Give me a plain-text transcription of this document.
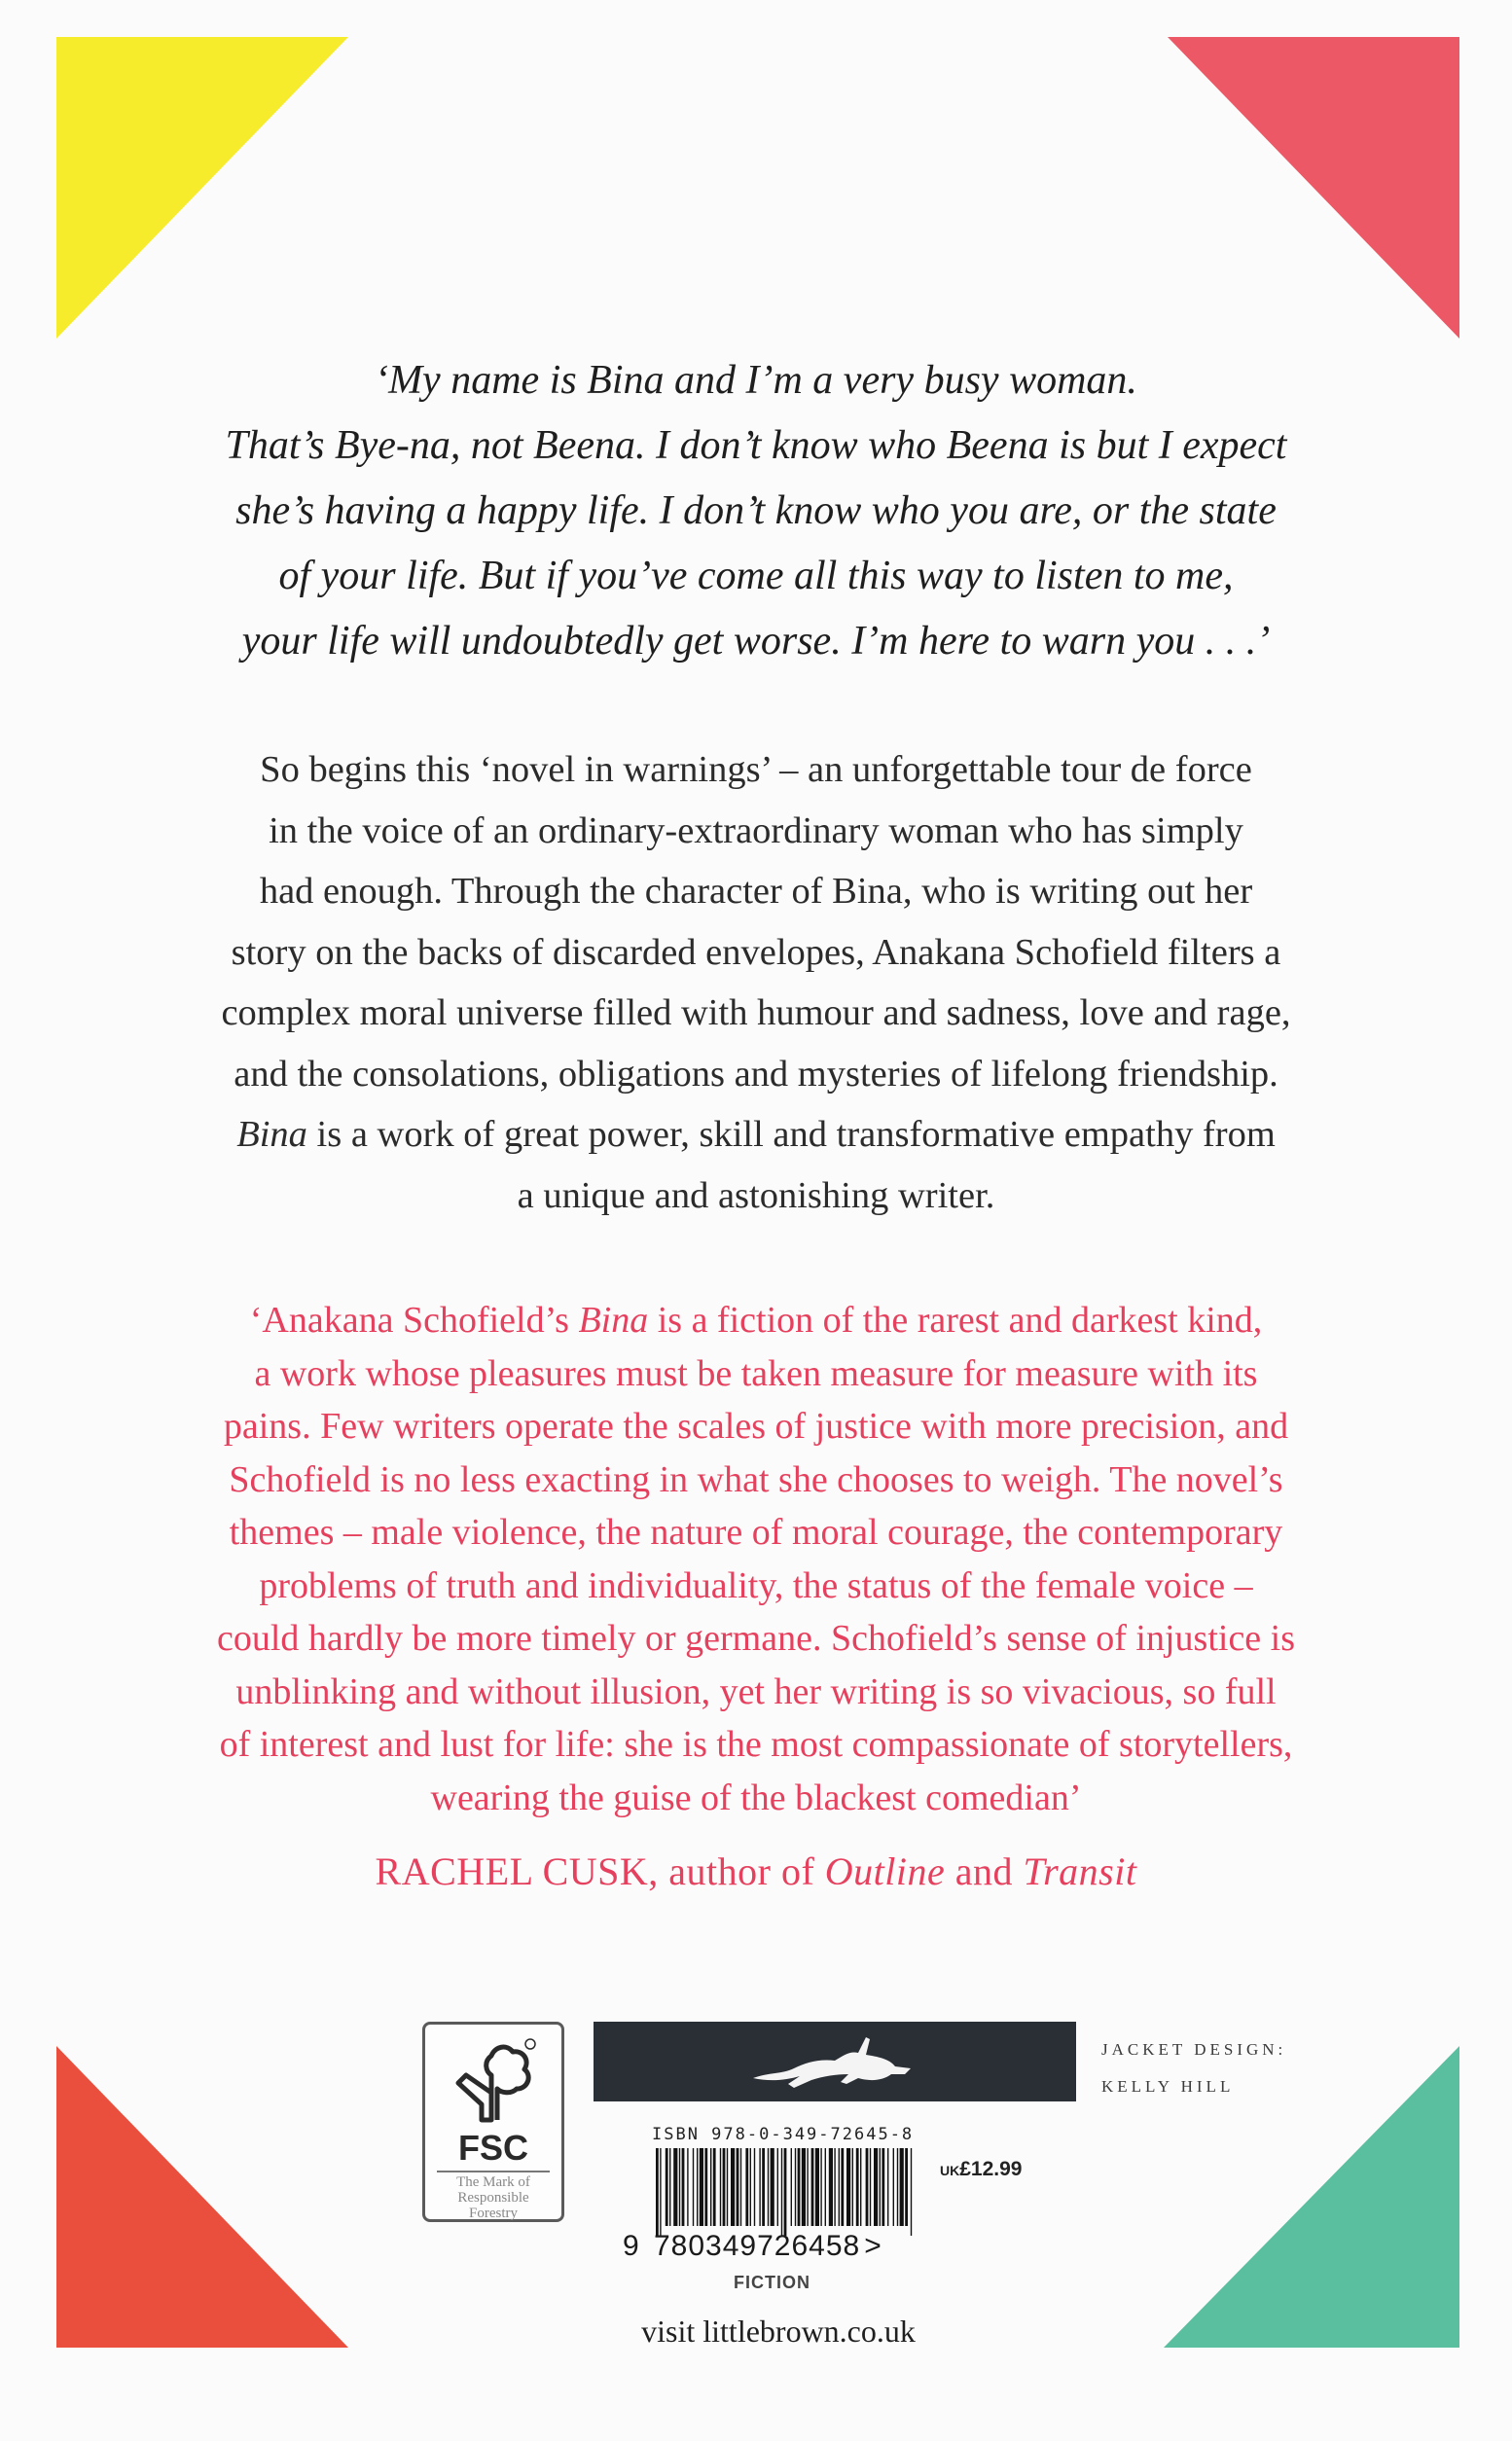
‘My name is Bina and I’m a very busy woman.
That’s Bye-na, not Beena. I don’t know who Beena is but I expect
she’s having a happy life. I don’t know who you are, or the state
of your life. But if you’ve come all this way to listen to me,
your life will undoubtedly get worse. I’m here to warn you . . .’
So begins this ‘novel in warnings’ – an unforgettable tour de force
in the voice of an ordinary-extraordinary woman who has simply
had enough. Through the character of Bina, who is writing out her
story on the backs of discarded envelopes, Anakana Schofield filters a
complex moral universe filled with humour and sadness, love and rage,
and the consolations, obligations and mysteries of lifelong friendship.
Bina is a work of great power, skill and transformative empathy from
a unique and astonishing writer.
‘Anakana Schofield’s Bina is a fiction of the rarest and darkest kind,
a work whose pleasures must be taken measure for measure with its
pains. Few writers operate the scales of justice with more precision, and
Schofield is no less exacting in what she chooses to weigh. The novel’s
themes – male violence, the nature of moral courage, the contemporary
problems of truth and individuality, the status of the female voice –
could hardly be more timely or germane. Schofield’s sense of injustice is
unblinking and without illusion, yet her writing is so vivacious, so full
of interest and lust for life: she is the most compassionate of storytellers,
wearing the guise of the blackest comedian’
RACHEL CUSK, author of Outline and Transit
FSC
The Mark of
Responsible
Forestry
JACKET DESIGN:
KELLY HILL
ISBN 978-0-349-72645-8
9 780349726458 >
UK£12.99
FICTION
visit littlebrown.co.uk
